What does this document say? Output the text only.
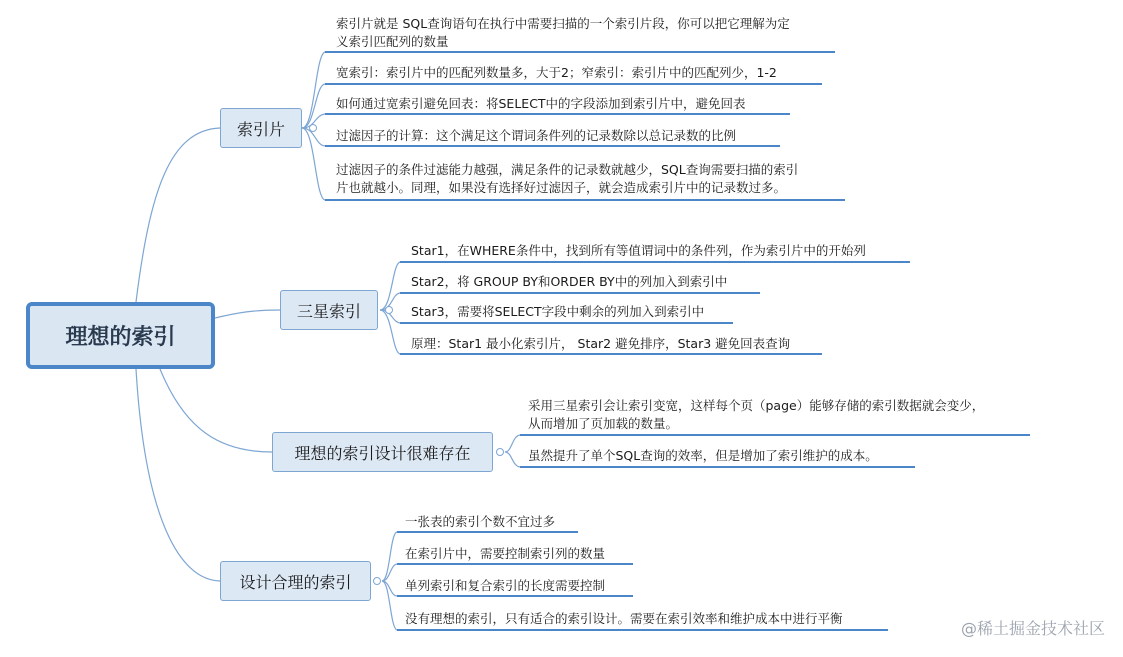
理想的索引
索引片
索引片就是 SQL查询语句在执行中需要扫描的一个索引片段，你可以把它理解为定
义索引匹配列的数量
宽索引：索引片中的匹配列数量多，大于2；窄索引：索引片中的匹配列少，1-2
如何通过宽索引避免回表：将SELECT中的字段添加到索引片中，避免回表
过滤因子的计算：这个满足这个谓词条件列的记录数除以总记录数的比例
过滤因子的条件过滤能力越强，满足条件的记录数就越少，SQL查询需要扫描的索引
片也就越小。同理，如果没有选择好过滤因子，就会造成索引片中的记录数过多。
三星索引
Star1，在WHERE条件中，找到所有等值谓词中的条件列，作为索引片中的开始列
Star2，将 GROUP BY和ORDER BY中的列加入到索引中
Star3，需要将SELECT字段中剩余的列加入到索引中
原理：Star1 最小化索引片， Star2 避免排序，Star3 避免回表查询
理想的索引设计很难存在
采用三星索引会让索引变宽，这样每个页（page）能够存储的索引数据就会变少，
从而增加了页加载的数量。
虽然提升了单个SQL查询的效率，但是增加了索引维护的成本。
设计合理的索引
一张表的索引个数不宜过多
在索引片中，需要控制索引列的数量
单列索引和复合索引的长度需要控制
没有理想的索引，只有适合的索引设计。需要在索引效率和维护成本中进行平衡
@稀土掘金技术社区
